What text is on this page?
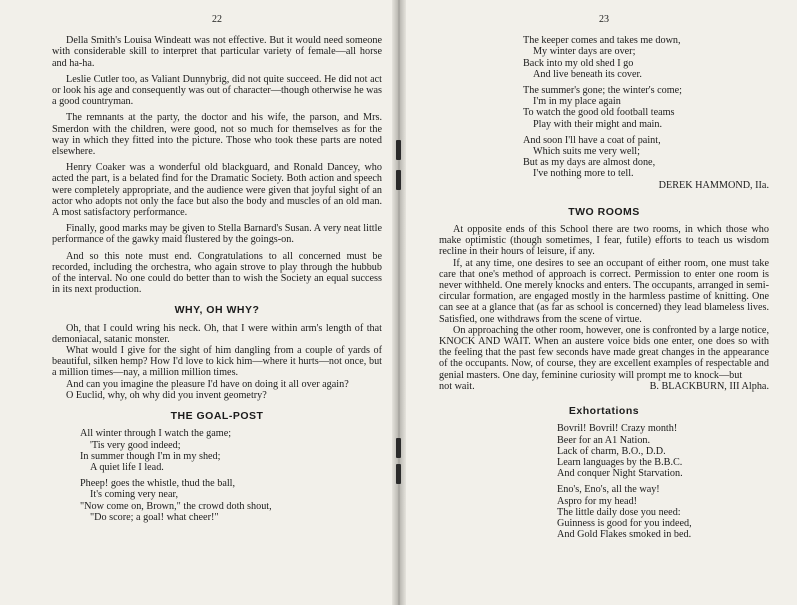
22

Della Smith's Louisa Windeatt was not effective. But it would need someone with considerable skill to interpret that particular variety of female—all horse and ha-ha.

Leslie Cutler too, as Valiant Dunnybrig, did not quite succeed. He did not act or look his age and consequently was out of character—though otherwise he was a good countryman.

The remnants at the party, the doctor and his wife, the parson, and Mrs. Smerdon with the children, were good, not so much for themselves as for the way in which they fitted into the picture. Those who took these parts are noted elsewhere.

Henry Coaker was a wonderful old blackguard, and Ronald Dancey, who acted the part, is a belated find for the Dramatic Society. Both action and speech were completely appropriate, and the audience were given that joyful sight of an actor who adopts not only the face but also the body and muscles of an old man. A most satisfactory performance.

Finally, good marks may be given to Stella Barnard's Susan. A very neat little performance of the gawky maid flustered by the goings-on.

And so this note must end. Congratulations to all concerned must be recorded, including the orchestra, who again strove to play through the hubbub of the interval. No one could do better than to wish the Society an equal success in its next production.

WHY, OH WHY?

Oh, that I could wring his neck. Oh, that I were within arm's length of that demoniacal, satanic monster.

What would I give for the sight of him dangling from a couple of yards of beautiful, silken hemp? How I'd love to kick him—where it hurts—not once, but a million times—nay, a million million times.

And can you imagine the pleasure I'd have on doing it all over again?

O Euclid, why, oh why did you invent geometry?

THE GOAL-POST
All winter through I watch the game;
'Tis very good indeed;
In summer though I'm in my shed;
A quiet life I lead.
Pheep! goes the whistle, thud the ball,
It's coming very near,
"Now come on, Brown," the crowd doth shout,
"Do score; a goal! what cheer!"
23
The keeper comes and takes me down,
My winter days are over;
Back into my old shed I go
And live beneath its cover.
The summer's gone; the winter's come;
I'm in my place again
To watch the good old football teams
Play with their might and main.
And soon I'll have a coat of paint,
Which suits me very well;
But as my days are almost done,
I've nothing more to tell.
DEREK HAMMOND, IIa.
TWO ROOMS

At opposite ends of this School there are two rooms, in which those who make optimistic (though sometimes, I fear, futile) efforts to teach us wisdom recline in their hours of leisure, if any.

If, at any time, one desires to see an occupant of either room, one must take care that one's method of approach is correct. Permission to enter one room is never withheld. One merely knocks and enters. The occupants, arranged in semi-circular formation, are engaged mostly in the harmless pastime of knitting. One can see at a glance that (as far as school is concerned) they lead blameless lives. Satisfied, one withdraws from the scene of virtue.

On approaching the other room, however, one is confronted by a large notice, KNOCK AND WAIT. When an austere voice bids one enter, one does so with the feeling that the past few seconds have made great changes in the appearance of the occupants. Now, of course, they are excellent examples of respectable and genial masters. One day, feminine curiosity will prompt me to knock—but

not wait.	B. BLACKBURN, III Alpha.
Exhortations
Bovril! Bovril! Crazy month!
Beer for an A1 Nation.
Lack of charm, B.O., D.D.
Learn languages by the B.B.C.
And conquer Night Starvation.
Eno's, Eno's, all the way!
Aspro for my head!
The little daily dose you need:
Guinness is good for you indeed,
And Gold Flakes smoked in bed.
